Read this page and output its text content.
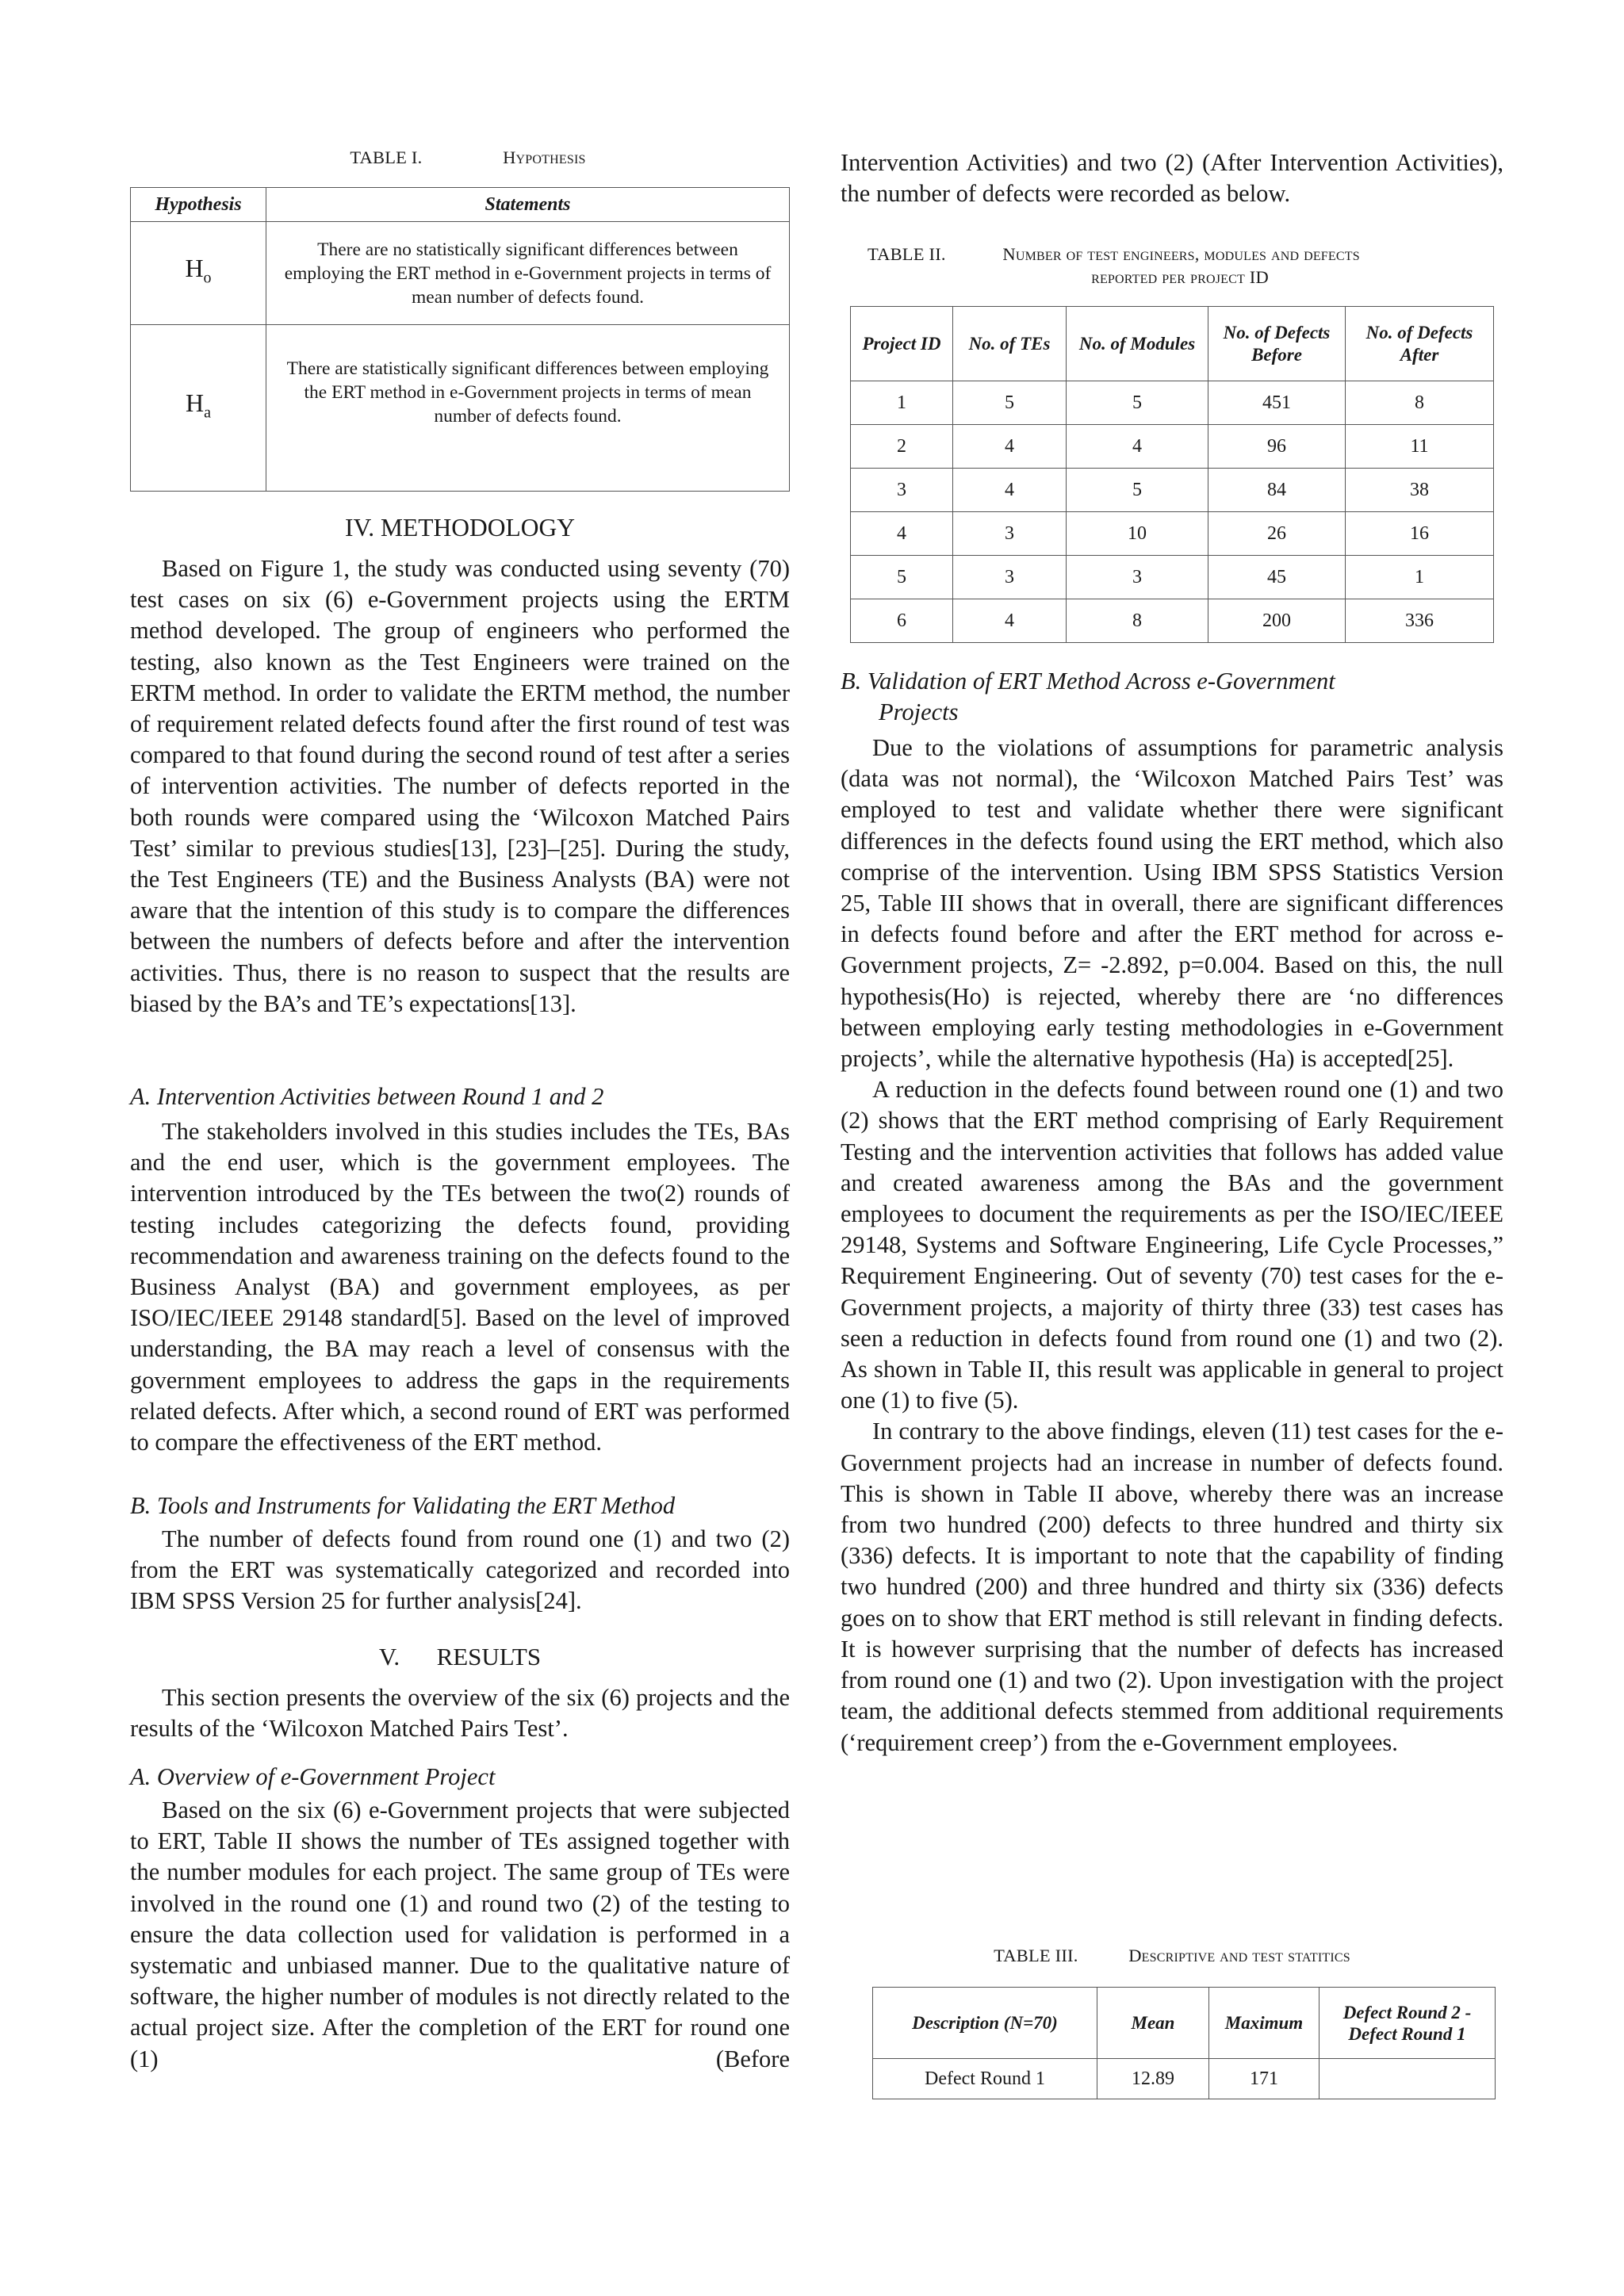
TABLE I.	Hypothesis

Hypothesis	Statements
$H_o$	There are no statistically significant differences between employing the ERT method in e-Government projects in terms of mean number of defects found.
$H_a$	There are statistically significant differences between employing the ERT method in e-Government projects in terms of mean number of defects found.

IV. METHODOLOGY

Based on Figure 1, the study was conducted using seventy (70) test cases on six (6) e-Government projects using the ERTM method developed. The group of engineers who performed the testing, also known as the Test Engineers were trained on the ERTM method. In order to validate the ERTM method, the number of requirement related defects found after the first round of test was compared to that found during the second round of test after a series of intervention activities. The number of defects reported in the both rounds were compared using the ‘Wilcoxon Matched Pairs Test’ similar to previous studies[13], [23]–[25]. During the study, the Test Engineers (TE) and the Business Analysts (BA) were not aware that the intention of this study is to compare the differences between the numbers of defects before and after the intervention activities. Thus, there is no reason to suspect that the results are biased by the BA’s and TE’s expectations[13].

A. Intervention Activities between Round 1 and 2

The stakeholders involved in this studies includes the TEs, BAs and the end user, which is the government employees. The intervention introduced by the TEs between the two(2) rounds of testing includes categorizing the defects found, providing recommendation and awareness training on the defects found to the Business Analyst (BA) and government employees, as per ISO/IEC/IEEE 29148 standard[5]. Based on the level of improved understanding, the BA may reach a level of consensus with the government employees to address the gaps in the requirements related defects. After which, a second round of ERT was performed to compare the effectiveness of the ERT method.

B. Tools and Instruments for Validating the ERT Method

The number of defects found from round one (1) and two (2) from the ERT was systematically categorized and recorded into IBM SPSS Version 25 for further analysis[24].

V.      RESULTS

This section presents the overview of the six (6) projects and the results of the ‘Wilcoxon Matched Pairs Test’.

A. Overview of e-Government Project

Based on the six (6) e-Government projects that were subjected to ERT, Table II shows the number of TEs assigned together with the number modules for each project. The same group of TEs were involved in the round one (1) and round two (2) of the testing to ensure the data collection used for validation is performed in a systematic and unbiased manner. Due to the qualitative nature of software, the higher number of modules is not directly related to the actual project size. After the completion of the ERT for round one (1) (Before

Intervention Activities) and two (2) (After Intervention Activities), the number of defects were recorded as below.

TABLE II.	Number of test engineers, modules and defects

reported per project ID

Project ID	No. of TEs	No. of Modules	No. of Defects Before	No. of Defects After
1	5	5	451	8
2	4	4	96	11
3	4	5	84	38
4	3	10	26	16
5	3	3	45	1
6	4	8	200	336

B. Validation of ERT Method Across e-Government

Projects

Due to the violations of assumptions for parametric analysis (data was not normal), the ‘Wilcoxon Matched Pairs Test’ was employed to test and validate whether there were significant differences in the defects found using the ERT method, which also comprise of the intervention. Using IBM SPSS Statistics Version 25, Table III shows that in overall, there are significant differences in defects found before and after the ERT method for across e-Government projects, Z= -2.892, p=0.004. Based on this, the null hypothesis(Ho) is rejected, whereby there are ‘no differences between employing early testing methodologies in e-Government projects’, while the alternative hypothesis (Ha) is accepted[25].

A reduction in the defects found between round one (1) and two (2) shows that the ERT method comprising of Early Requirement Testing and the intervention activities that follows has added value and created awareness among the BAs and the government employees to document the requirements as per the ISO/IEC/IEEE 29148, Systems and Software Engineering, Life Cycle Processes,” Requirement Engineering. Out of seventy (70) test cases for the e-Government projects, a majority of thirty three (33) test cases has seen a reduction in defects found from round one (1) and two (2). As shown in Table II, this result was applicable in general to project one (1) to five (5).

In contrary to the above findings, eleven (11) test cases for the e-Government projects had an increase in number of defects found. This is shown in Table II above, whereby there was an increase from two hundred (200) defects to three hundred and thirty six (336) defects. It is important to note that the capability of finding two hundred (200) and three hundred and thirty six (336) defects goes on to show that ERT method is still relevant in finding defects. It is however surprising that the number of defects has increased from round one (1) and two (2). Upon investigation with the project team, the additional defects stemmed from additional requirements (‘requirement creep’) from the e-Government employees.

TABLE III.	Descriptive and test statitics

Description (N=70)	Mean	Maximum	Defect Round 2 - Defect Round 1
Defect Round 1	12.89	171	
